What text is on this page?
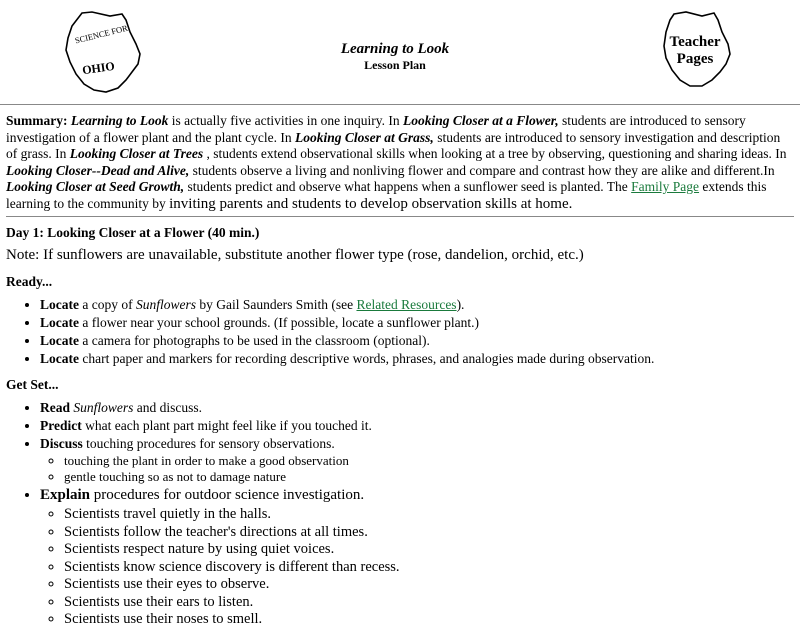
SCIENCE FOR
OHIO
Learning to Look
Lesson Plan
Teacher
Pages

Summary: Learning to Look is actually five activities in one inquiry. In Looking Closer at a Flower, students are introduced to sensory investigation of a flower plant and the plant cycle. In Looking Closer at Grass, students are introduced to sensory investigation and description of grass. In Looking Closer at Trees , students extend observational skills when looking at a tree by observing, questioning and sharing ideas. In Looking Closer--Dead and Alive, students observe a living and nonliving flower and compare and contrast how they are alike and different.In Looking Closer at Seed Growth, students predict and observe what happens when a sunflower seed is planted. The Family Page extends this learning to the community by inviting parents and students to develop observation skills at home.

Day 1: Looking Closer at a Flower (40 min.)
Note: If sunflowers are unavailable, substitute another flower type (rose, dandelion, orchid, etc.)
Ready...
• Locate a copy of Sunflowers by Gail Saunders Smith (see Related Resources).
• Locate a flower near your school grounds. (If possible, locate a sunflower plant.)
• Locate a camera for photographs to be used in the classroom (optional).
• Locate chart paper and markers for recording descriptive words, phrases, and analogies made during observation.
Get Set...
• Read Sunflowers and discuss.
• Predict what each plant part might feel like if you touched it.
• Discuss touching procedures for sensory observations.
◦ touching the plant in order to make a good observation
◦ gentle touching so as not to damage nature
• Explain procedures for outdoor science investigation.
◦ Scientists travel quietly in the halls.
◦ Scientists follow the teacher's directions at all times.
◦ Scientists respect nature by using quiet voices.
◦ Scientists know science discovery is different than recess.
◦ Scientists use their eyes to observe.
◦ Scientists use their ears to listen.
◦ Scientists use their noses to smell.
